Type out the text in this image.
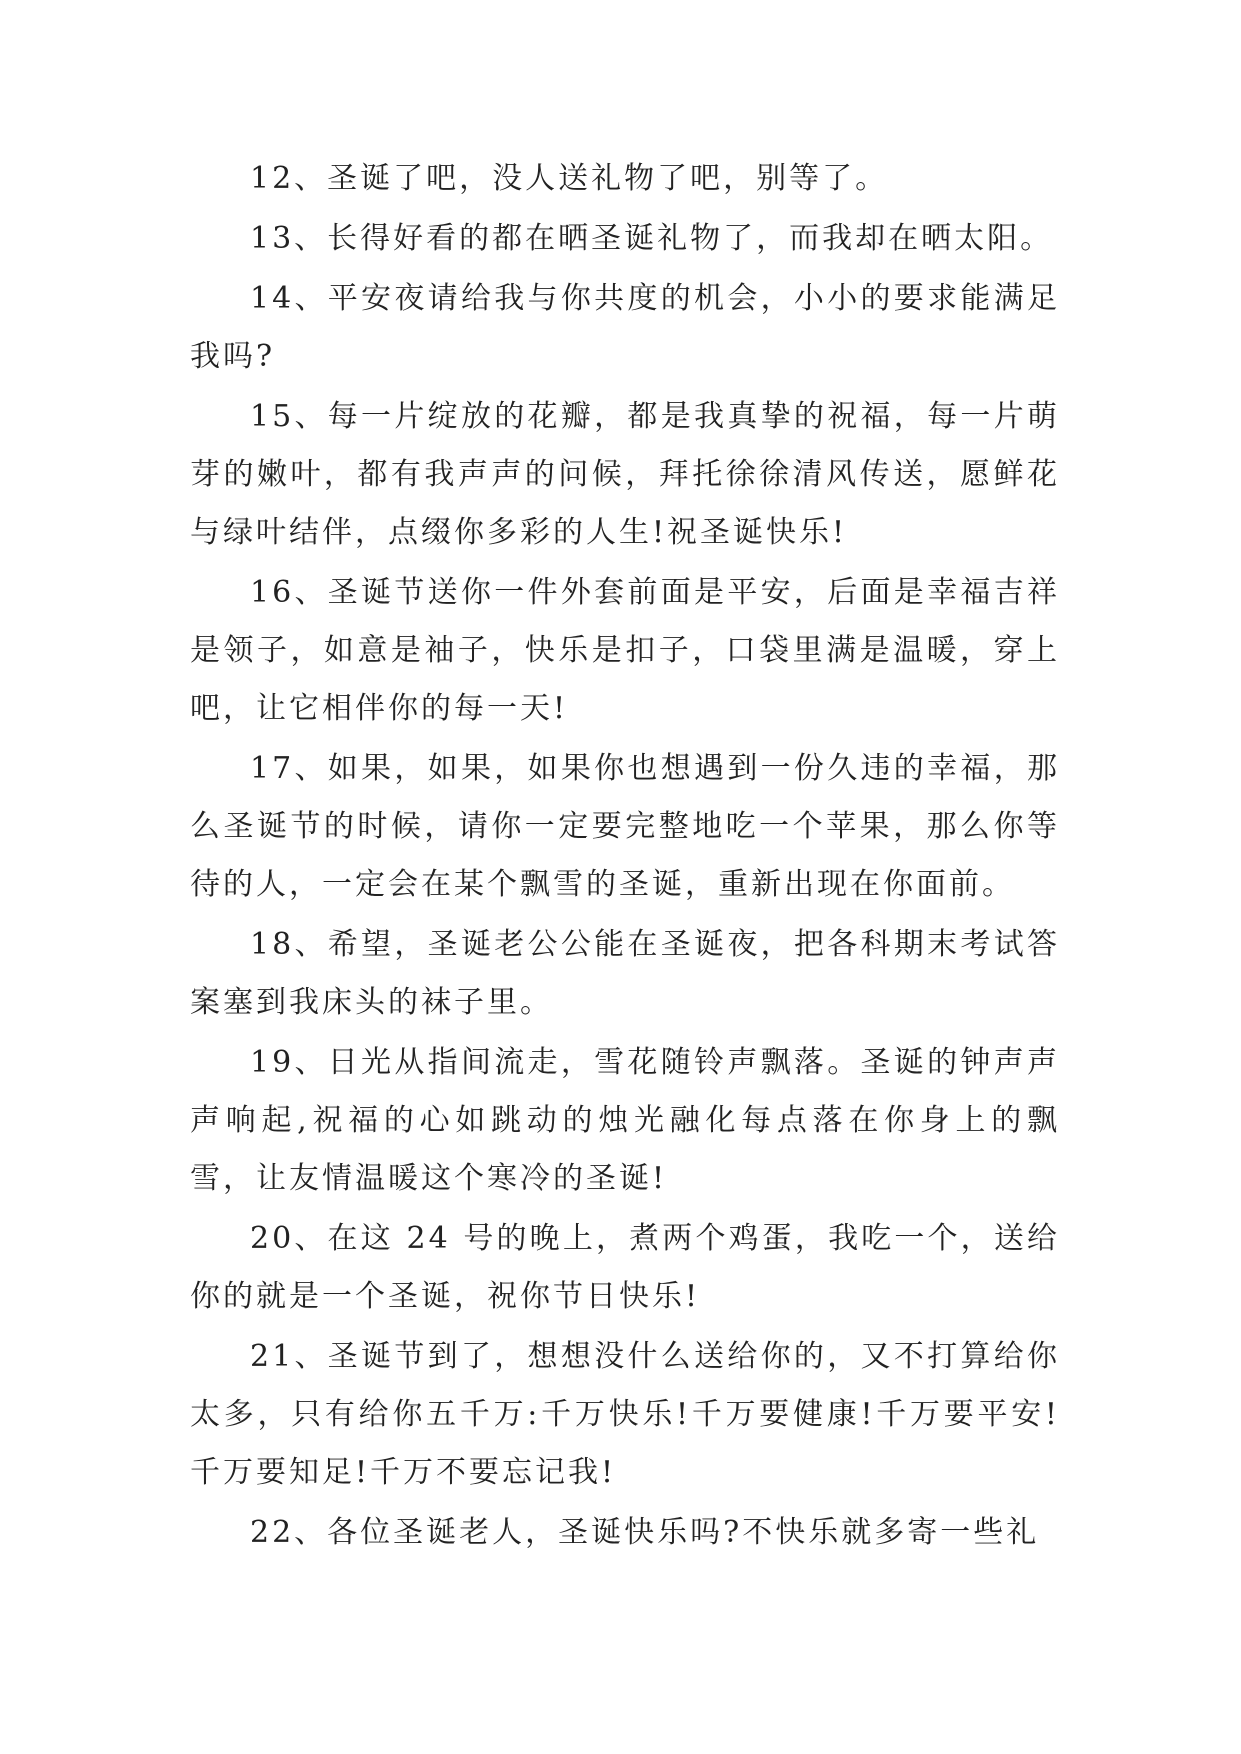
12、圣诞了吧，没人送礼物了吧，别等了。

13、长得好看的都在晒圣诞礼物了，而我却在晒太阳。

14、平安夜请给我与你共度的机会，小小的要求能满足我吗?

15、每一片绽放的花瓣，都是我真挚的祝福，每一片萌芽的嫩叶，都有我声声的问候，拜托徐徐清风传送，愿鲜花与绿叶结伴，点缀你多彩的人生!祝圣诞快乐!

16、圣诞节送你一件外套前面是平安，后面是幸福吉祥是领子，如意是袖子，快乐是扣子，口袋里满是温暖，穿上吧，让它相伴你的每一天!

17、如果，如果，如果你也想遇到一份久违的幸福，那么圣诞节的时候，请你一定要完整地吃一个苹果，那么你等待的人，一定会在某个飘雪的圣诞，重新出现在你面前。

18、希望，圣诞老公公能在圣诞夜，把各科期末考试答案塞到我床头的袜子里。

19、日光从指间流走，雪花随铃声飘落。圣诞的钟声声声响起,祝福的心如跳动的烛光融化每点落在你身上的飘雪，让友情温暖这个寒冷的圣诞!

20、在这 24 号的晚上，煮两个鸡蛋，我吃一个，送给你的就是一个圣诞，祝你节日快乐!

21、圣诞节到了，想想没什么送给你的，又不打算给你太多，只有给你五千万:千万快乐!千万要健康!千万要平安!千万要知足!千万不要忘记我!

22、各位圣诞老人，圣诞快乐吗?不快乐就多寄一些礼
